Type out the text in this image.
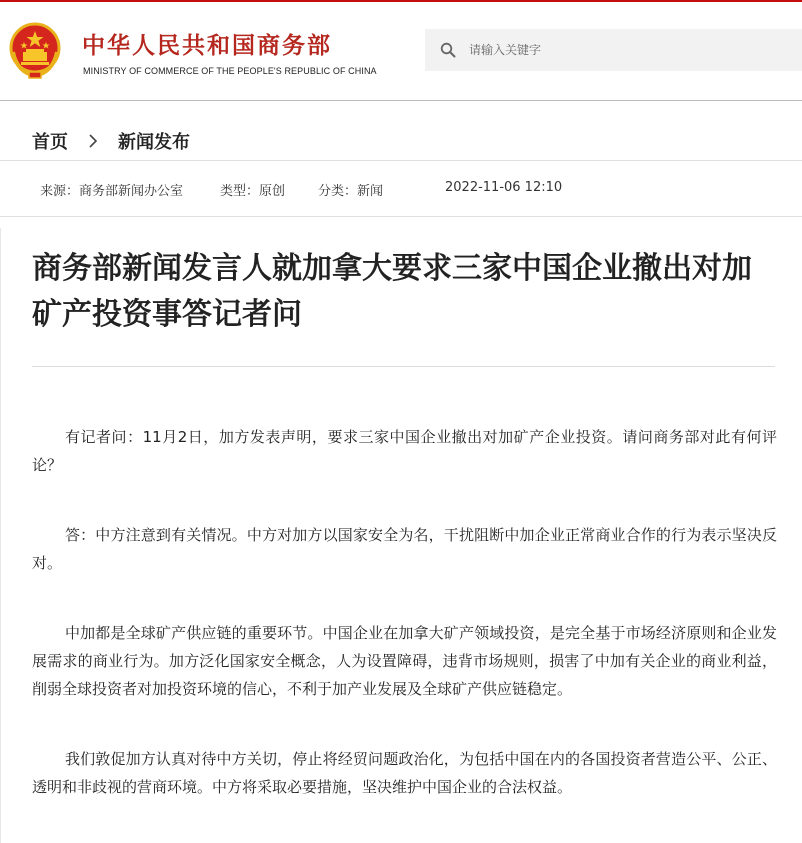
中华人民共和国商务部
MINISTRY OF COMMERCE OF THE PEOPLE'S REPUBLIC OF CHINA
请输入关键字
首页	新闻发布
来源：商务部新闻办公室	类型：原创	分类：新闻	2022-11-06 12:10
商务部新闻发言人就加拿大要求三家中国企业撤出对加矿产投资事答记者问

有记者问：11月2日，加方发表声明，要求三家中国企业撤出对加矿产企业投资。请问商务部对此有何评论？

答：中方注意到有关情况。中方对加方以国家安全为名，干扰阻断中加企业正常商业合作的行为表示坚决反对。

中加都是全球矿产供应链的重要环节。中国企业在加拿大矿产领域投资，是完全基于市场经济原则和企业发展需求的商业行为。加方泛化国家安全概念，人为设置障碍，违背市场规则，损害了中加有关企业的商业利益，削弱全球投资者对加投资环境的信心，不利于加产业发展及全球矿产供应链稳定。

我们敦促加方认真对待中方关切，停止将经贸问题政治化，为包括中国在内的各国投资者营造公平、公正、透明和非歧视的营商环境。中方将采取必要措施，坚决维护中国企业的合法权益。
